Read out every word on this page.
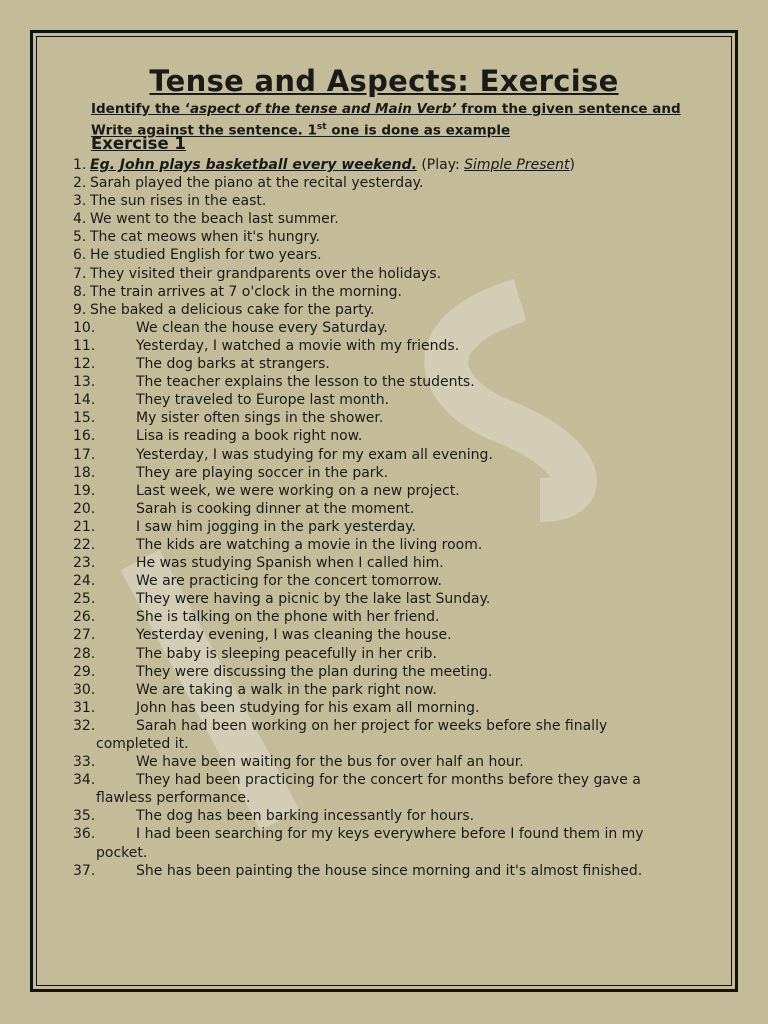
Tense and Aspects: Exercise
Identify the ‘aspect of the tense and Main Verb’ from the given sentence and Write against the sentence. 1st one is done as example
Exercise 1
1. Eg. John plays basketball every weekend. (Play: Simple Present)
2. Sarah played the piano at the recital yesterday.
3. The sun rises in the east.
4. We went to the beach last summer.
5. The cat meows when it's hungry.
6. He studied English for two years.
7. They visited their grandparents over the holidays.
8. The train arrives at 7 o'clock in the morning.
9. She baked a delicious cake for the party.
10.	We clean the house every Saturday.
11.	Yesterday, I watched a movie with my friends.
12.	The dog barks at strangers.
13.	The teacher explains the lesson to the students.
14.	They traveled to Europe last month.
15.	My sister often sings in the shower.
16.	Lisa is reading a book right now.
17.	Yesterday, I was studying for my exam all evening.
18.	They are playing soccer in the park.
19.	Last week, we were working on a new project.
20.	Sarah is cooking dinner at the moment.
21.	I saw him jogging in the park yesterday.
22.	The kids are watching a movie in the living room.
23.	He was studying Spanish when I called him.
24.	We are practicing for the concert tomorrow.
25.	They were having a picnic by the lake last Sunday.
26.	She is talking on the phone with her friend.
27.	Yesterday evening, I was cleaning the house.
28.	The baby is sleeping peacefully in her crib.
29.	They were discussing the plan during the meeting.
30.	We are taking a walk in the park right now.
31.	John has been studying for his exam all morning.
32.	Sarah had been working on her project for weeks before she finally completed it.
33.	We have been waiting for the bus for over half an hour.
34.	They had been practicing for the concert for months before they gave a flawless performance.
35.	The dog has been barking incessantly for hours.
36.	I had been searching for my keys everywhere before I found them in my pocket.
37.	She has been painting the house since morning and it's almost finished.
